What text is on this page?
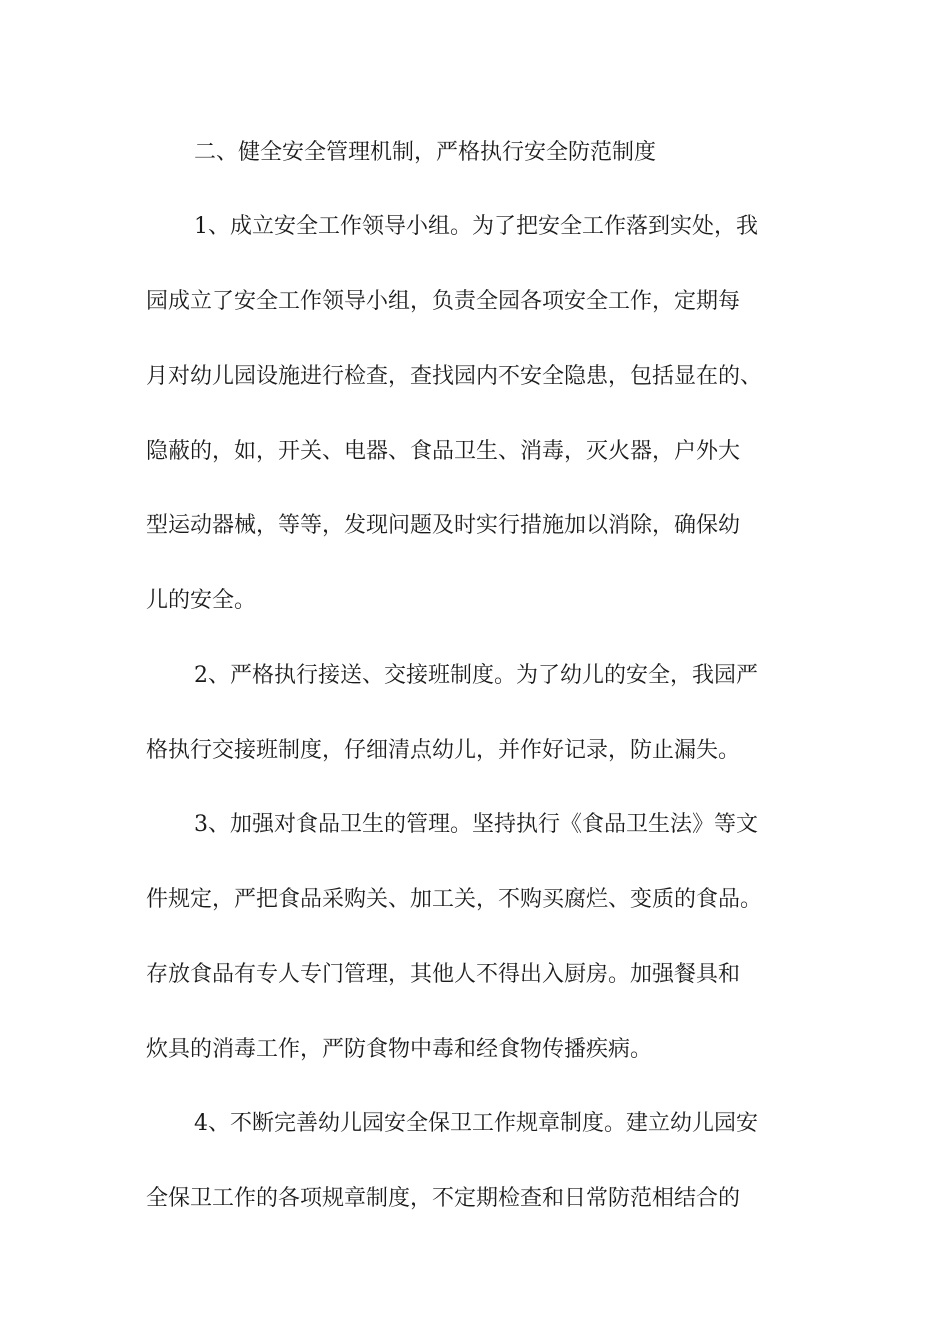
二、健全安全管理机制，严格执行安全防范制度
1、成立安全工作领导小组。为了把安全工作落到实处，我
园成立了安全工作领导小组，负责全园各项安全工作，定期每
月对幼儿园设施进行检查，查找园内不安全隐患，包括显在的、
隐蔽的，如，开关、电器、食品卫生、消毒，灭火器，户外大
型运动器械，等等，发现问题及时实行措施加以消除，确保幼
儿的安全。
2、严格执行接送、交接班制度。为了幼儿的安全，我园严
格执行交接班制度，仔细清点幼儿，并作好记录，防止漏失。
3、加强对食品卫生的管理。坚持执行《食品卫生法》等文
件规定，严把食品采购关、加工关，不购买腐烂、变质的食品。
存放食品有专人专门管理，其他人不得出入厨房。加强餐具和
炊具的消毒工作，严防食物中毒和经食物传播疾病。
4、不断完善幼儿园安全保卫工作规章制度。建立幼儿园安
全保卫工作的各项规章制度，不定期检查和日常防范相结合的
